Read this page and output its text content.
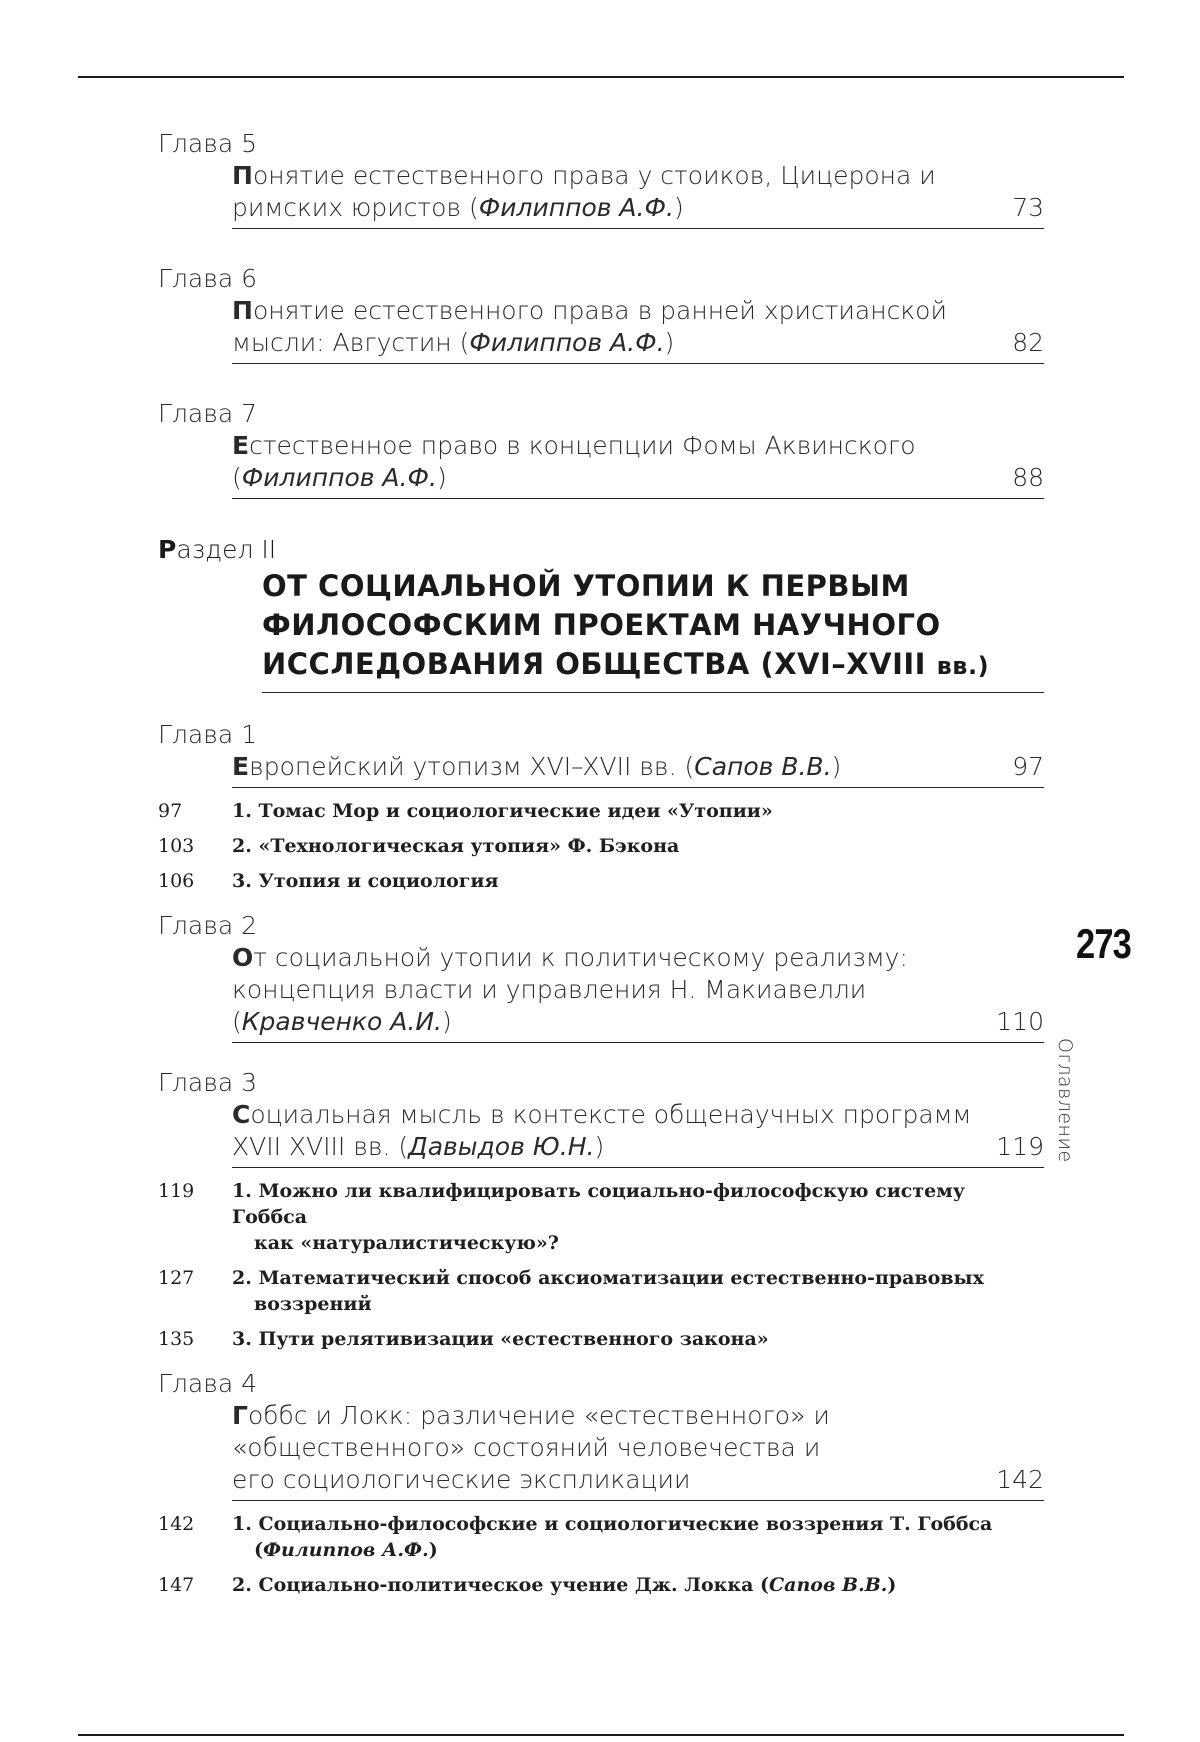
Глава 5
Понятие естественного права у стоиков, Цицерона и римских юристов (Филиппов А.Ф.)	73
Глава 6
Понятие естественного права в ранней христианской мысли: Августин (Филиппов А.Ф.)	82
Глава 7
Естественное право в концепции Фомы Аквинского (Филиппов А.Ф.)	88
Раздел II
ОТ СОЦИАЛЬНОЙ УТОПИИ К ПЕРВЫМ
ФИЛОСОФСКИМ ПРОЕКТАМ НАУЧНОГО
ИССЛЕДОВАНИЯ ОБЩЕСТВА (XVI–XVIII вв.)
Глава 1
Европейский утопизм XVI–XVII вв. (Сапов В.В.)	97
97	1. Томас Мор и социологические идеи «Утопии»
103	2. «Технологическая утопия» Ф. Бэкона
106	3. Утопия и социология
Глава 2
От социальной утопии к политическому реализму: концепция власти и управления Н. Макиавелли (Кравченко А.И.)	110
Глава 3
Социальная мысль в контексте общенаучных программ XVII XVIII вв. (Давыдов Ю.Н.)	119
119	1. Можно ли квалифицировать социально-философскую систему Гоббса
как «натуралистическую»?
127	2. Математический способ аксиоматизации естественно-правовых
воззрений
135	3. Пути релятивизации «естественного закона»
Глава 4
Гоббс и Локк: различение «естественного» и «общественного» состояний человечества и его социологические экспликации	142
142	1. Социально-философские и социологические воззрения Т. Гоббса
(Филиппов А.Ф.)
147	2. Социально-политическое учение Дж. Локка (Сапов В.В.)
273
Оглавление
